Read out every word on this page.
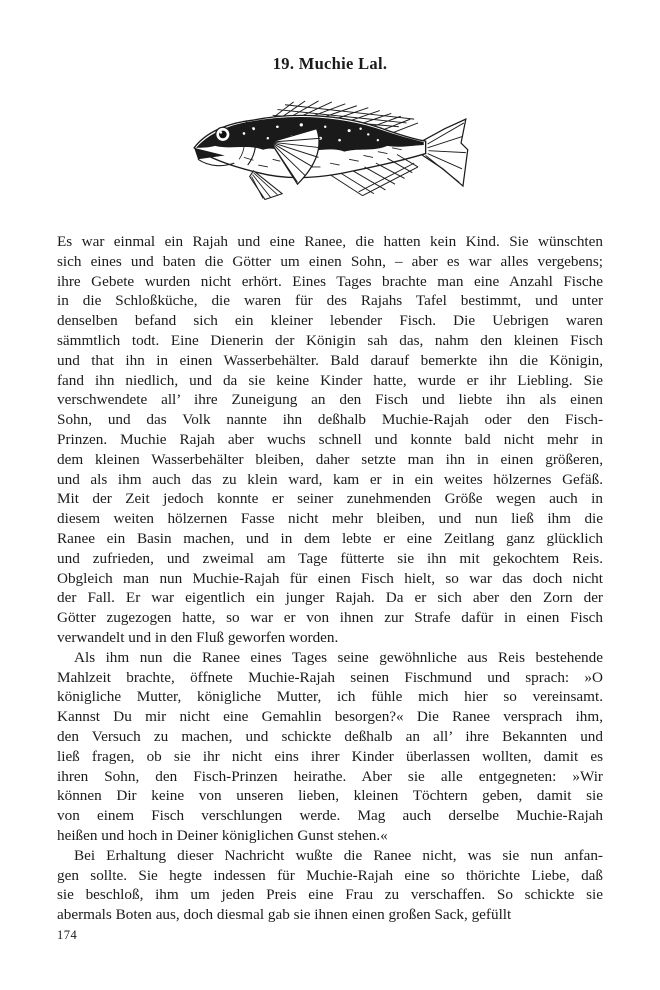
19. Muchie Lal.
Es war einmal ein Rajah und eine Ranee, die hatten kein Kind. Sie wünschten
sich eines und baten die Götter um einen Sohn, – aber es war alles vergebens;
ihre Gebete wurden nicht erhört. Eines Tages brachte man eine Anzahl Fische
in die Schloßküche, die waren für des Rajahs Tafel bestimmt, und unter
denselben befand sich ein kleiner lebender Fisch. Die Uebrigen waren
sämmtlich todt. Eine Dienerin der Königin sah das, nahm den kleinen Fisch
und that ihn in einen Wasserbehälter. Bald darauf bemerkte ihn die Königin,
fand ihn niedlich, und da sie keine Kinder hatte, wurde er ihr Liebling. Sie
verschwendete all’ ihre Zuneigung an den Fisch und liebte ihn als einen
Sohn, und das Volk nannte ihn deßhalb Muchie-Rajah oder den Fisch-
Prinzen. Muchie Rajah aber wuchs schnell und konnte bald nicht mehr in
dem kleinen Wasserbehälter bleiben, daher setzte man ihn in einen größeren,
und als ihm auch das zu klein ward, kam er in ein weites hölzernes Gefäß.
Mit der Zeit jedoch konnte er seiner zunehmenden Größe wegen auch in
diesem weiten hölzernen Fasse nicht mehr bleiben, und nun ließ ihm die
Ranee ein Basin machen, und in dem lebte er eine Zeitlang ganz glücklich
und zufrieden, und zweimal am Tage fütterte sie ihn mit gekochtem Reis.
Obgleich man nun Muchie-Rajah für einen Fisch hielt, so war das doch nicht
der Fall. Er war eigentlich ein junger Rajah. Da er sich aber den Zorn der
Götter zugezogen hatte, so war er von ihnen zur Strafe dafür in einen Fisch
verwandelt und in den Fluß geworfen worden.
Als ihm nun die Ranee eines Tages seine gewöhnliche aus Reis bestehende
Mahlzeit brachte, öffnete Muchie-Rajah seinen Fischmund und sprach: »O
königliche Mutter, königliche Mutter, ich fühle mich hier so vereinsamt.
Kannst Du mir nicht eine Gemahlin besorgen?« Die Ranee versprach ihm,
den Versuch zu machen, und schickte deßhalb an all’ ihre Bekannten und
ließ fragen, ob sie ihr nicht eins ihrer Kinder überlassen wollten, damit es
ihren Sohn, den Fisch-Prinzen heirathe. Aber sie alle entgegneten: »Wir
können Dir keine von unseren lieben, kleinen Töchtern geben, damit sie
von einem Fisch verschlungen werde. Mag auch derselbe Muchie-Rajah
heißen und hoch in Deiner königlichen Gunst stehen.«
Bei Erhaltung dieser Nachricht wußte die Ranee nicht, was sie nun anfan-
gen sollte. Sie hegte indessen für Muchie-Rajah eine so thörichte Liebe, daß
sie beschloß, ihm um jeden Preis eine Frau zu verschaffen. So schickte sie
abermals Boten aus, doch diesmal gab sie ihnen einen großen Sack, gefüllt
174
